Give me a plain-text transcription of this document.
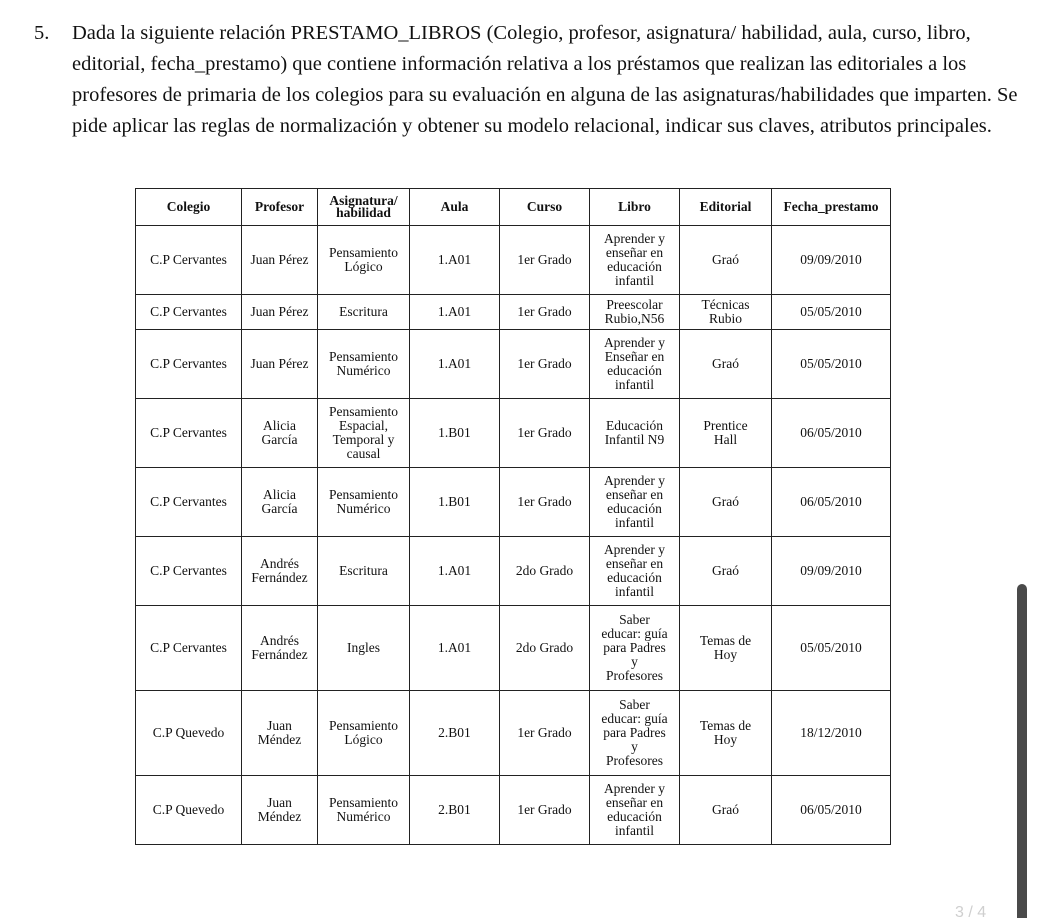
5. Dada la siguiente relación PRESTAMO_LIBROS (Colegio, profesor, asignatura/ habilidad, aula, curso, libro, editorial, fecha_prestamo) que contiene información relativa a los préstamos que realizan las editoriales a los profesores de primaria de los colegios para su evaluación en alguna de las asignaturas/habilidades que imparten. Se pide aplicar las reglas de normalización y obtener su modelo relacional, indicar sus claves, atributos principales.
Colegio	Profesor	Asignatura/
habilidad	Aula	Curso	Libro	Editorial	Fecha_prestamo
C.P Cervantes	Juan Pérez	Pensamiento
Lógico	1.A01	1er Grado	Aprender y
enseñar en
educación
infantil	Graó	09/09/2010
C.P Cervantes	Juan Pérez	Escritura	1.A01	1er Grado	Preescolar
Rubio,N56	Técnicas
Rubio	05/05/2010
C.P Cervantes	Juan Pérez	Pensamiento
Numérico	1.A01	1er Grado	Aprender y
Enseñar en
educación
infantil	Graó	05/05/2010
C.P Cervantes	Alicia
García	Pensamiento
Espacial,
Temporal y
causal	1.B01	1er Grado	Educación
Infantil N9	Prentice
Hall	06/05/2010
C.P Cervantes	Alicia
García	Pensamiento
Numérico	1.B01	1er Grado	Aprender y
enseñar en
educación
infantil	Graó	06/05/2010
C.P Cervantes	Andrés
Fernández	Escritura	1.A01	2do Grado	Aprender y
enseñar en
educación
infantil	Graó	09/09/2010
C.P Cervantes	Andrés
Fernández	Ingles	1.A01	2do Grado	Saber
educar: guía
para Padres
y
Profesores	Temas de
Hoy	05/05/2010
C.P Quevedo	Juan
Méndez	Pensamiento
Lógico	2.B01	1er Grado	Saber
educar: guía
para Padres
y
Profesores	Temas de
Hoy	18/12/2010
C.P Quevedo	Juan
Méndez	Pensamiento
Numérico	2.B01	1er Grado	Aprender y
enseñar en
educación
infantil	Graó	06/05/2010
3 / 4
